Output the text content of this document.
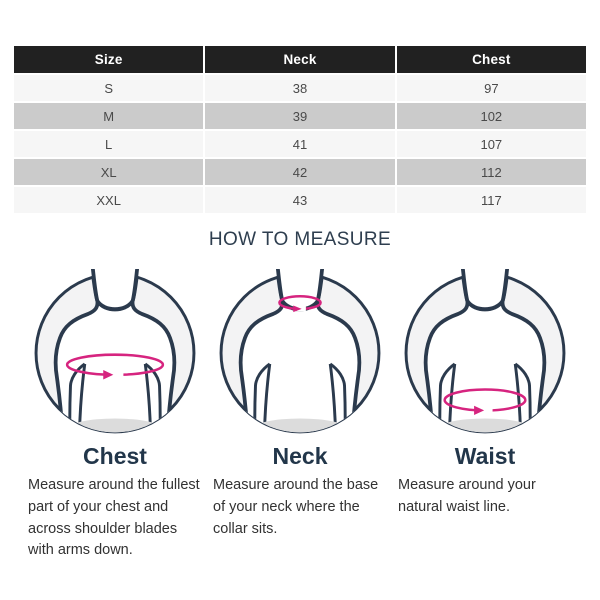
Size	Neck	Chest
S	38	97
M	39	102
L	41	107
XL	42	112
XXL	43	117
HOW TO MEASURE
Chest

Measure around the fullest part of your chest and across shoulder blades with arms down.

Neck

Measure around the base of your neck where the collar sits.

Waist

Measure around your natural waist line.
